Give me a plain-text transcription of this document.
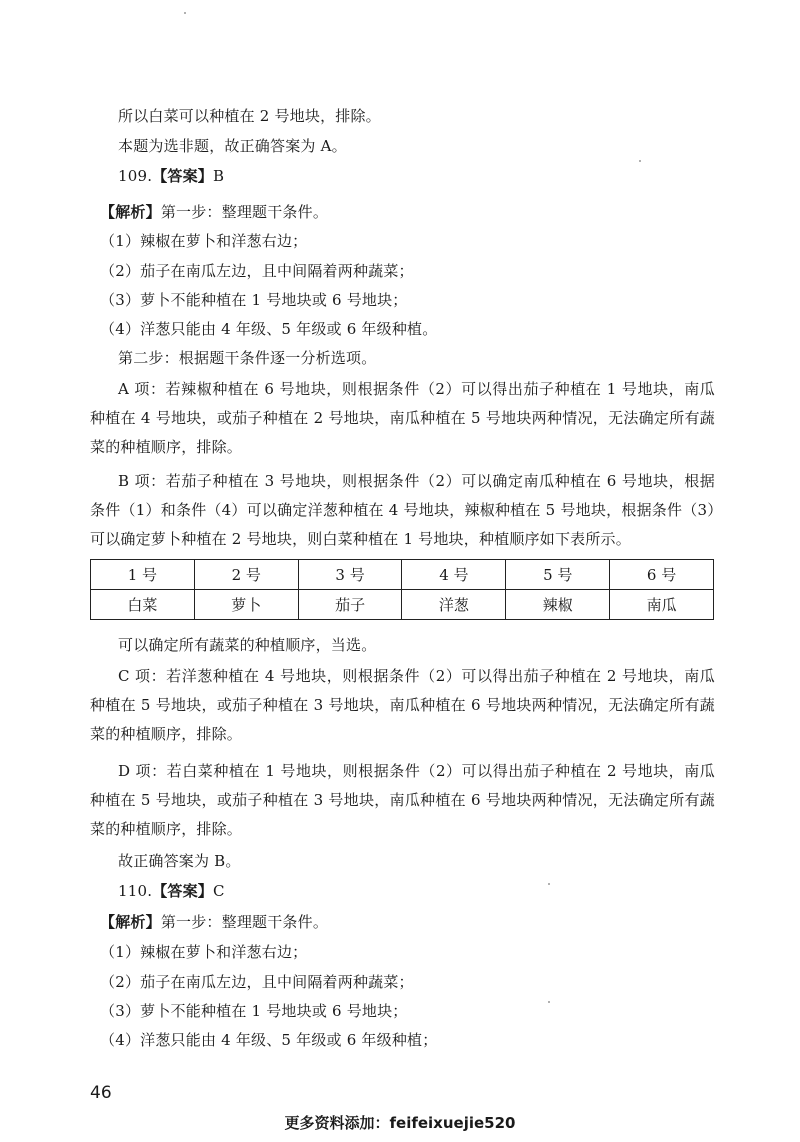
所以白菜可以种植在 2 号地块，排除。
本题为选非题，故正确答案为 A。
109.【答案】B
【解析】第一步：整理题干条件。
（1）辣椒在萝卜和洋葱右边；
（2）茄子在南瓜左边，且中间隔着两种蔬菜；
（3）萝卜不能种植在 1 号地块或 6 号地块；
（4）洋葱只能由 4 年级、5 年级或 6 年级种植。
第二步：根据题干条件逐一分析选项。
A 项：若辣椒种植在 6 号地块，则根据条件（2）可以得出茄子种植在 1 号地块，南瓜种植在 4 号地块，或茄子种植在 2 号地块，南瓜种植在 5 号地块两种情况，无法确定所有蔬菜的种植顺序，排除。
B 项：若茄子种植在 3 号地块，则根据条件（2）可以确定南瓜种植在 6 号地块，根据条件（1）和条件（4）可以确定洋葱种植在 4 号地块，辣椒种植在 5 号地块，根据条件（3）可以确定萝卜种植在 2 号地块，则白菜种植在 1 号地块，种植顺序如下表所示。
1 号	2 号	3 号	4 号	5 号	6 号
白菜	萝卜	茄子	洋葱	辣椒	南瓜
可以确定所有蔬菜的种植顺序，当选。
C 项：若洋葱种植在 4 号地块，则根据条件（2）可以得出茄子种植在 2 号地块，南瓜种植在 5 号地块，或茄子种植在 3 号地块，南瓜种植在 6 号地块两种情况，无法确定所有蔬菜的种植顺序，排除。
D 项：若白菜种植在 1 号地块，则根据条件（2）可以得出茄子种植在 2 号地块，南瓜种植在 5 号地块，或茄子种植在 3 号地块，南瓜种植在 6 号地块两种情况，无法确定所有蔬菜的种植顺序，排除。
故正确答案为 B。
110.【答案】C
【解析】第一步：整理题干条件。
（1）辣椒在萝卜和洋葱右边；
（2）茄子在南瓜左边，且中间隔着两种蔬菜；
（3）萝卜不能种植在 1 号地块或 6 号地块；
（4）洋葱只能由 4 年级、5 年级或 6 年级种植；
46
更多资料添加：feifeixuejie520
